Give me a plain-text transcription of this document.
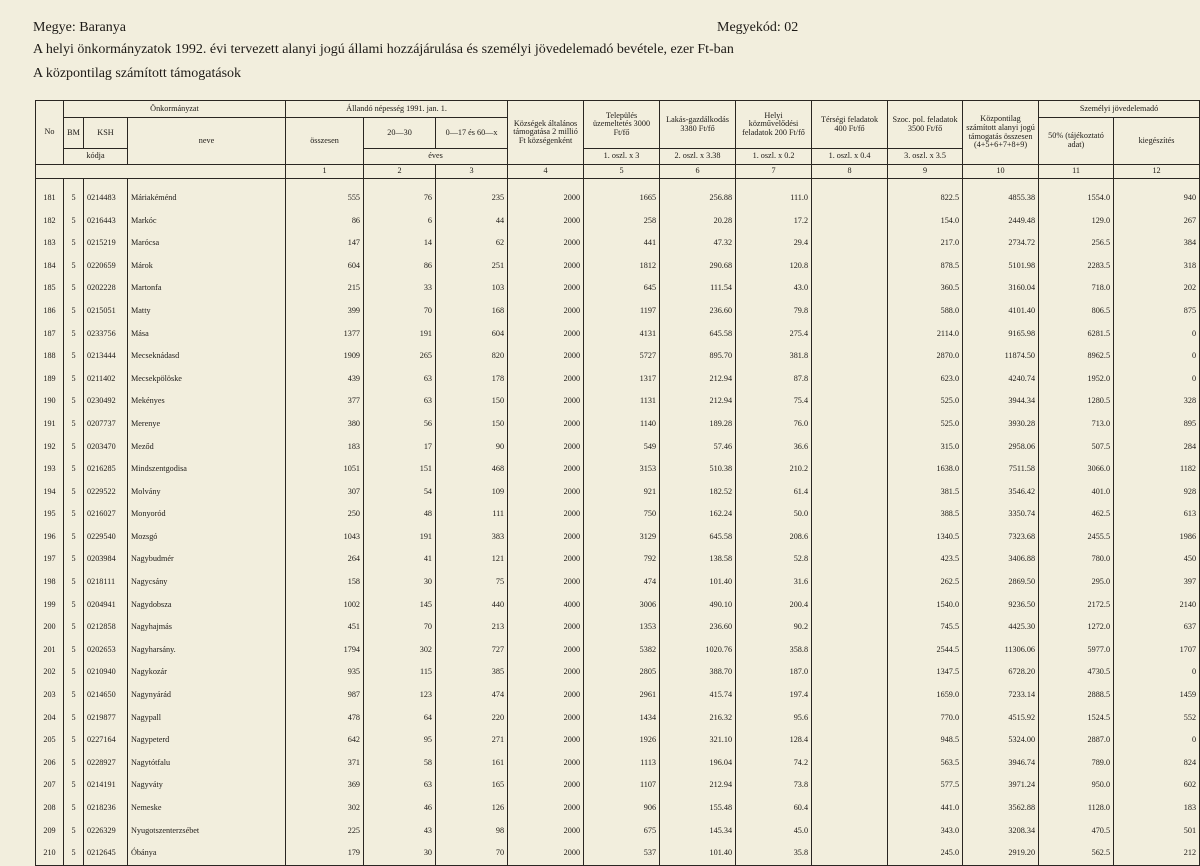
Megye: Baranya	Megyekód: 02
A helyi önkormányzatok 1992. évi tervezett alanyi jogú állami hozzájárulása és személyi jövedelemadó bevétele, ezer Ft-ban
A központilag számított támogatások
No	Önkormányzat			Állandó népesség 1991. jan. 1.			Községek általános támogatása 2 millió Ft községenként	Település üzemeltetés 3000 Ft/fő	Lakás-gazdálkodás 3380 Ft/fő	Helyi közművelődési feladatok 200 Ft/fő	Térségi feladatok 400 Ft/fő	Szoc. pol. feladatok 3500 Ft/fő	Központilag számított alanyi jogú támogatás összesen (4+5+6+7+8+9)	Személyi jövedelemadó	
	BM	KSH	neve	összesen	20—30	0—17 és 60—x								50% (tájékoztató adat)	kiegészítés
	kódja				éves			1. oszl. x 3	2. oszl. x 3.38	1. oszl. x 0.2	1. oszl. x 0.4	3. oszl. x 3.5			
				1	2	3	4	5	6	7	8	9	10	11	12

181	5	0214483	Máriakéménd	555	76	235	2000	1665	256.88	111.0		822.5	4855.38	1554.0	940
182	5	0216443	Markóc	86	6	44	2000	258	20.28	17.2		154.0	2449.48	129.0	267
183	5	0215219	Marócsa	147	14	62	2000	441	47.32	29.4		217.0	2734.72	256.5	384
184	5	0220659	Márok	604	86	251	2000	1812	290.68	120.8		878.5	5101.98	2283.5	318
185	5	0202228	Martonfa	215	33	103	2000	645	111.54	43.0		360.5	3160.04	718.0	202
186	5	0215051	Matty	399	70	168	2000	1197	236.60	79.8		588.0	4101.40	806.5	875
187	5	0233756	Mása	1377	191	604	2000	4131	645.58	275.4		2114.0	9165.98	6281.5	0
188	5	0213444	Mecseknádasd	1909	265	820	2000	5727	895.70	381.8		2870.0	11874.50	8962.5	0
189	5	0211402	Mecsekpölöske	439	63	178	2000	1317	212.94	87.8		623.0	4240.74	1952.0	0
190	5	0230492	Mekényes	377	63	150	2000	1131	212.94	75.4		525.0	3944.34	1280.5	328
191	5	0207737	Merenye	380	56	150	2000	1140	189.28	76.0		525.0	3930.28	713.0	895
192	5	0203470	Meződ	183	17	90	2000	549	57.46	36.6		315.0	2958.06	507.5	284
193	5	0216285	Mindszentgodisa	1051	151	468	2000	3153	510.38	210.2		1638.0	7511.58	3066.0	1182
194	5	0229522	Molvány	307	54	109	2000	921	182.52	61.4		381.5	3546.42	401.0	928
195	5	0216027	Monyoród	250	48	111	2000	750	162.24	50.0		388.5	3350.74	462.5	613
196	5	0229540	Mozsgó	1043	191	383	2000	3129	645.58	208.6		1340.5	7323.68	2455.5	1986
197	5	0203984	Nagybudmér	264	41	121	2000	792	138.58	52.8		423.5	3406.88	780.0	450
198	5	0218111	Nagycsány	158	30	75	2000	474	101.40	31.6		262.5	2869.50	295.0	397
199	5	0204941	Nagydobsza	1002	145	440	4000	3006	490.10	200.4		1540.0	9236.50	2172.5	2140
200	5	0212858	Nagyhajmás	451	70	213	2000	1353	236.60	90.2		745.5	4425.30	1272.0	637
201	5	0202653	Nagyharsány.	1794	302	727	2000	5382	1020.76	358.8		2544.5	11306.06	5977.0	1707
202	5	0210940	Nagykozár	935	115	385	2000	2805	388.70	187.0		1347.5	6728.20	4730.5	0
203	5	0214650	Nagynyárád	987	123	474	2000	2961	415.74	197.4		1659.0	7233.14	2888.5	1459
204	5	0219877	Nagypall	478	64	220	2000	1434	216.32	95.6		770.0	4515.92	1524.5	552
205	5	0227164	Nagypeterd	642	95	271	2000	1926	321.10	128.4		948.5	5324.00	2887.0	0
206	5	0228927	Nagytótfalu	371	58	161	2000	1113	196.04	74.2		563.5	3946.74	789.0	824
207	5	0214191	Nagyváty	369	63	165	2000	1107	212.94	73.8		577.5	3971.24	950.0	602
208	5	0218236	Nemeske	302	46	126	2000	906	155.48	60.4		441.0	3562.88	1128.0	183
209	5	0226329	Nyugotszenterzsébet	225	43	98	2000	675	145.34	45.0		343.0	3208.34	470.5	501
210	5	0212645	Óbánya	179	30	70	2000	537	101.40	35.8		245.0	2919.20	562.5	212
